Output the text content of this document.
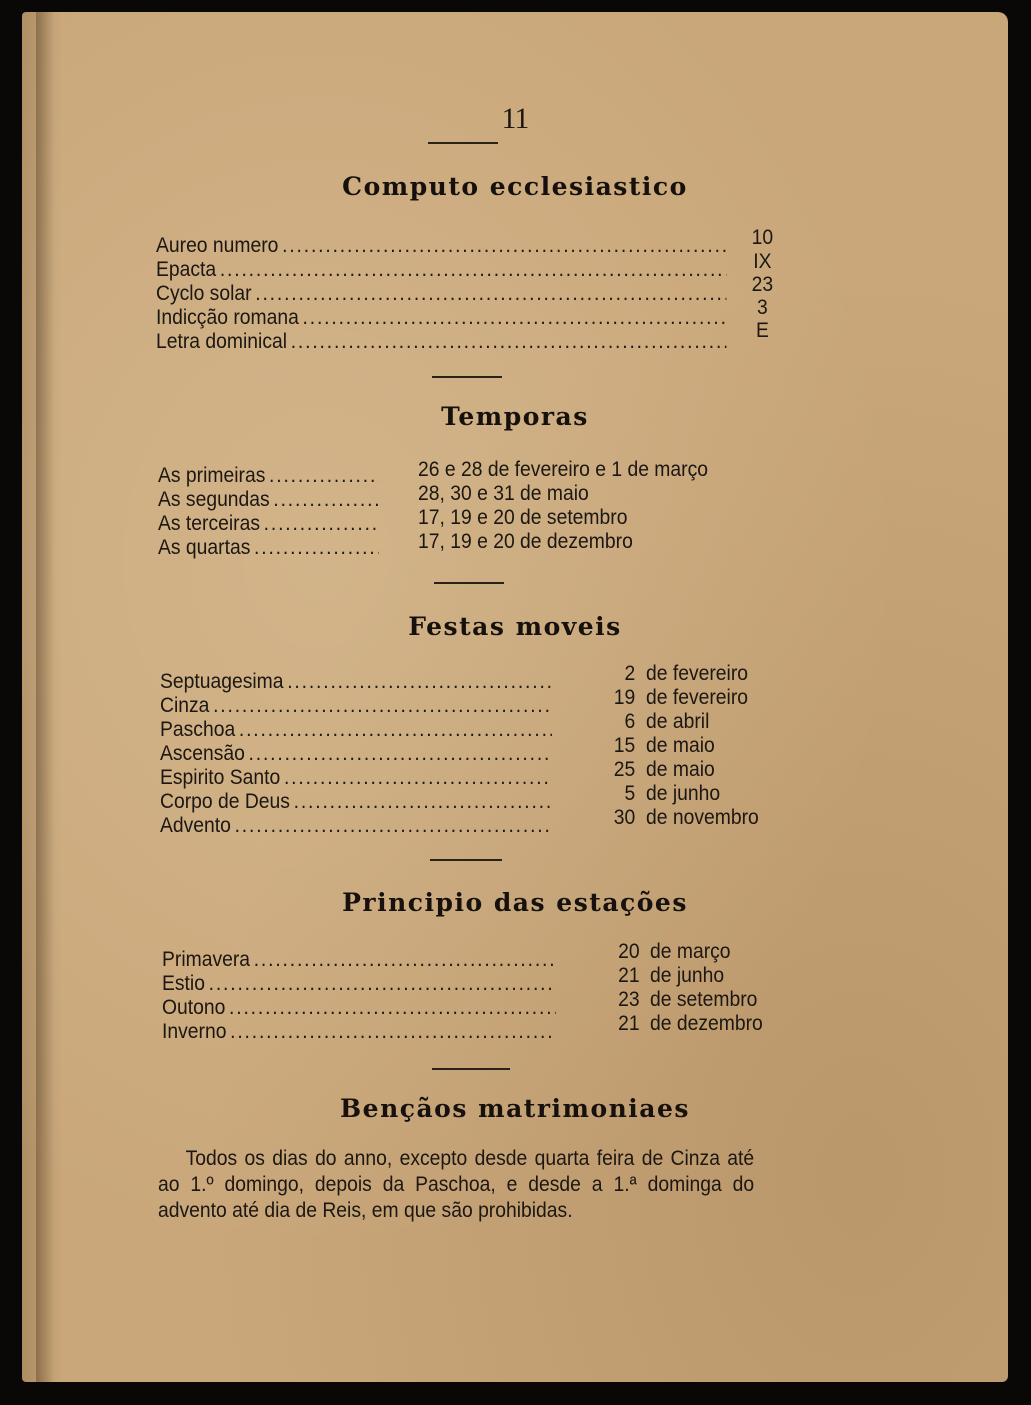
11
Computo ecclesiastico
Aureo numero
.....
Epacta
.....
Cyclo solar
.....
Indicção romana
.....
Letra dominical
.....
10
IX
23
3
E
Temporas
As primeiras
.....
As segundas
.....
As terceiras
.....
As quartas
.....
26 e 28 de fevereiro e 1 de março
28, 30 e 31 de maio
17, 19 e 20 de setembro
17, 19 e 20 de dezembro
Festas moveis
Septuagesima
.....
Cinza
.....
Paschoa
.....
Ascensão
.....
Espirito Santo
.....
Corpo de Deus
.....
Advento
.....
2
19
6
15
25
5
30
de fevereiro
de fevereiro
de abril
de maio
de maio
de junho
de novembro
Principio das estações
Primavera
.....
Estio
.....
Outono
.....
Inverno
.....
20
21
23
21
de março
de junho
de setembro
de dezembro
Bençãos matrimoniaes
Todos os dias do anno, excepto desde quarta feira de Cinza até ao 1.º domingo, depois da Paschoa, e desde a 1.ª dominga do advento até dia de Reis, em que são prohibidas.
